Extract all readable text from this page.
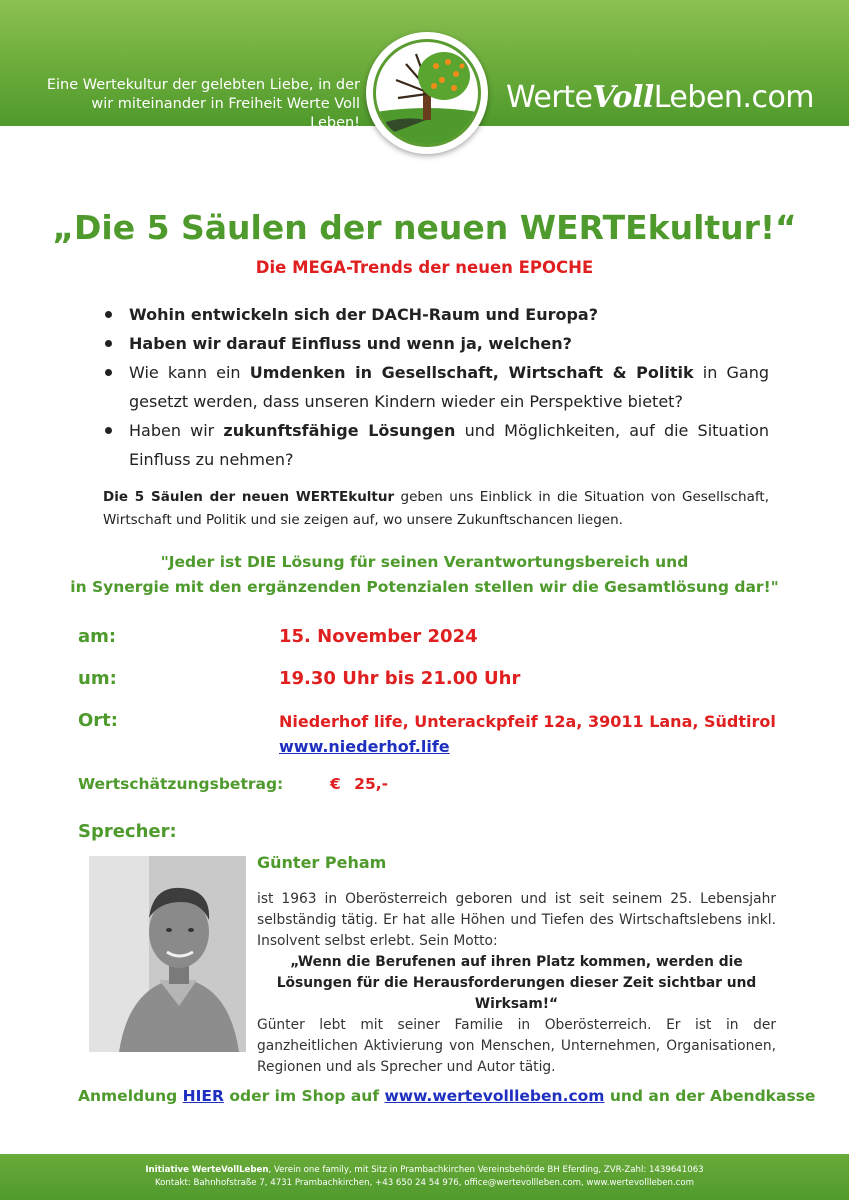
Eine Wertekultur der gelebten Liebe, in der
wir miteinander in Freiheit Werte Voll Leben!
WerteVollLeben.com
„Die 5 Säulen der neuen WERTEkultur!“
Die MEGA-Trends der neuen EPOCHE
Wohin entwickeln sich der DACH-Raum und Europa?
Haben wir darauf Einfluss und wenn ja, welchen?
Wie kann ein Umdenken in Gesellschaft, Wirtschaft & Politik in Gang gesetzt werden, dass unseren Kindern wieder ein Perspektive bietet?
Haben wir zukunftsfähige Lösungen und Möglichkeiten, auf die Situation Einfluss zu nehmen?
Die 5 Säulen der neuen WERTEkultur geben uns Einblick in die Situation von Gesellschaft, Wirtschaft und Politik und sie zeigen auf, wo unsere Zukunftschancen liegen.
"Jeder ist DIE Lösung für seinen Verantwortungsbereich und
in Synergie mit den ergänzenden Potenzialen stellen wir die Gesamtlösung dar!"
am:	15. November 2024
um:	19.30 Uhr bis 21.00 Uhr
Ort:	Niederhof life, Unterackpfeif 12a, 39011 Lana, Südtirol
www.niederhof.life
Wertschätzungsbetrag:	€ 25,-
Sprecher:
Günter Peham
ist 1963 in Oberösterreich geboren und ist seit seinem 25. Lebensjahr selbständig tätig. Er hat alle Höhen und Tiefen des Wirtschaftslebens inkl. Insolvent selbst erlebt. Sein Motto:
„Wenn die Berufenen auf ihren Platz kommen, werden die Lösungen für die Herausforderungen dieser Zeit sichtbar und Wirksam!“
Günter lebt mit seiner Familie in Oberösterreich. Er ist in der ganzheitlichen Aktivierung von Menschen, Unternehmen, Organisationen, Regionen und als Sprecher und Autor tätig.
Anmeldung HIER oder im Shop auf www.wertevollleben.com und an der Abendkasse
Initiative WerteVollLeben, Verein one family, mit Sitz in Prambachkirchen Vereinsbehörde BH Eferding, ZVR-Zahl: 1439641063
Kontakt: Bahnhofstraße 7, 4731 Prambachkirchen, +43 650 24 54 976, office@wertevollleben.com, www.wertevollleben.com
